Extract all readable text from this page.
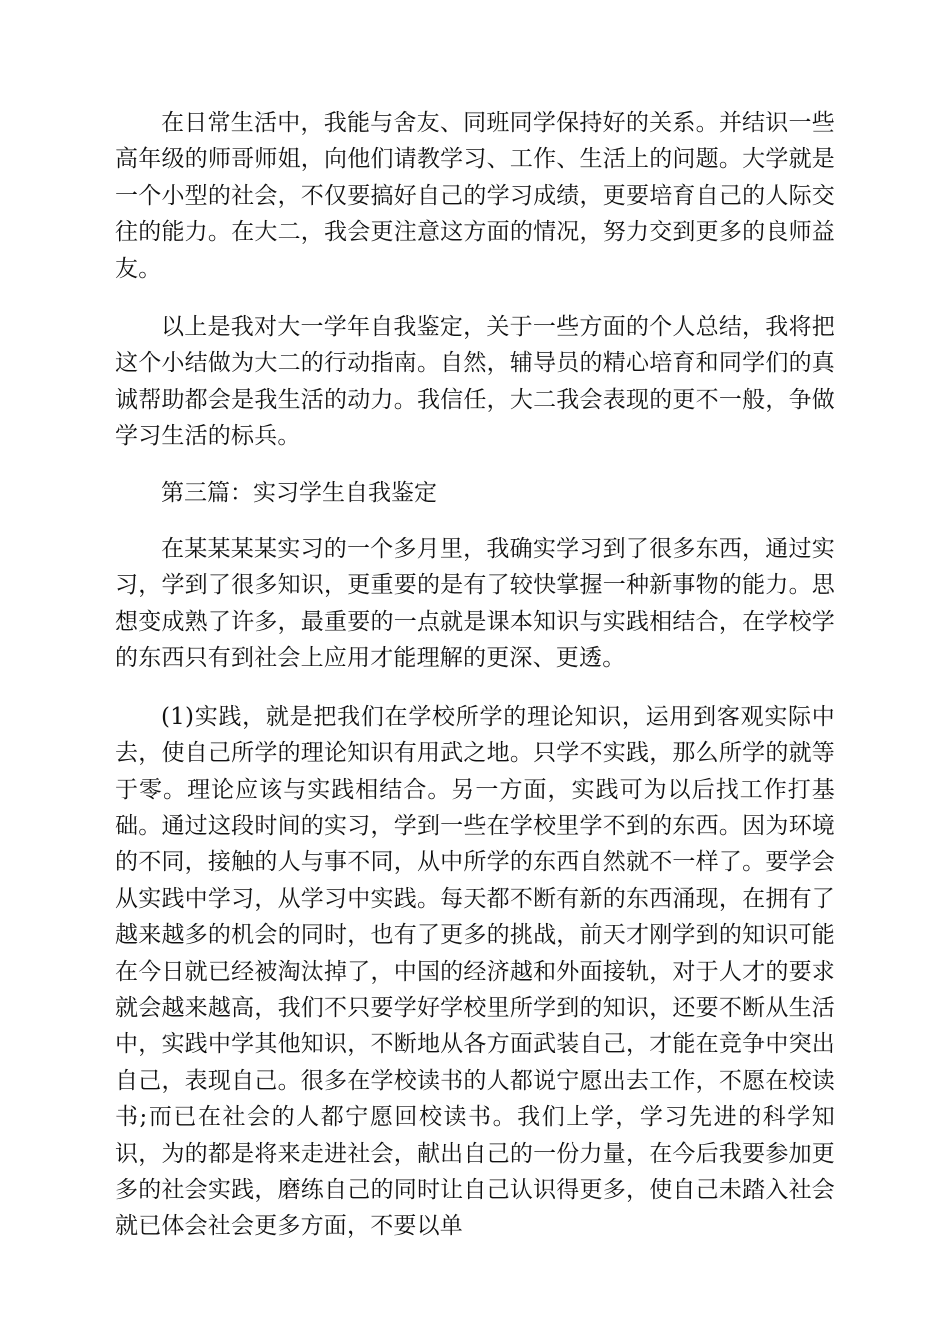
在日常生活中，我能与舍友、同班同学保持好的关系。并结识一些高年级的师哥师姐，向他们请教学习、工作、生活上的问题。大学就是一个小型的社会，不仅要搞好自己的学习成绩，更要培育自己的人际交往的能力。在大二，我会更注意这方面的情况，努力交到更多的良师益友。

以上是我对大一学年自我鉴定，关于一些方面的个人总结，我将把这个小结做为大二的行动指南。自然，辅导员的精心培育和同学们的真诚帮助都会是我生活的动力。我信任，大二我会表现的更不一般，争做学习生活的标兵。

第三篇：实习学生自我鉴定

在某某某某实习的一个多月里，我确实学习到了很多东西，通过实习，学到了很多知识，更重要的是有了较快掌握一种新事物的能力。思想变成熟了许多，最重要的一点就是课本知识与实践相结合，在学校学的东西只有到社会上应用才能理解的更深、更透。

(1)实践，就是把我们在学校所学的理论知识，运用到客观实际中去，使自己所学的理论知识有用武之地。只学不实践，那么所学的就等于零。理论应该与实践相结合。另一方面，实践可为以后找工作打基础。通过这段时间的实习，学到一些在学校里学不到的东西。因为环境的不同，接触的人与事不同，从中所学的东西自然就不一样了。要学会从实践中学习，从学习中实践。每天都不断有新的东西涌现，在拥有了越来越多的机会的同时，也有了更多的挑战，前天才刚学到的知识可能在今日就已经被淘汰掉了，中国的经济越和外面接轨，对于人才的要求就会越来越高，我们不只要学好学校里所学到的知识，还要不断从生活中，实践中学其他知识，不断地从各方面武装自己，才能在竞争中突出自己，表现自己。很多在学校读书的人都说宁愿出去工作，不愿在校读书;而已在社会的人都宁愿回校读书。我们上学，学习先进的科学知识，为的都是将来走进社会，献出自己的一份力量，在今后我要参加更多的社会实践，磨练自己的同时让自己认识得更多，使自己未踏入社会就已体会社会更多方面，不要以单
